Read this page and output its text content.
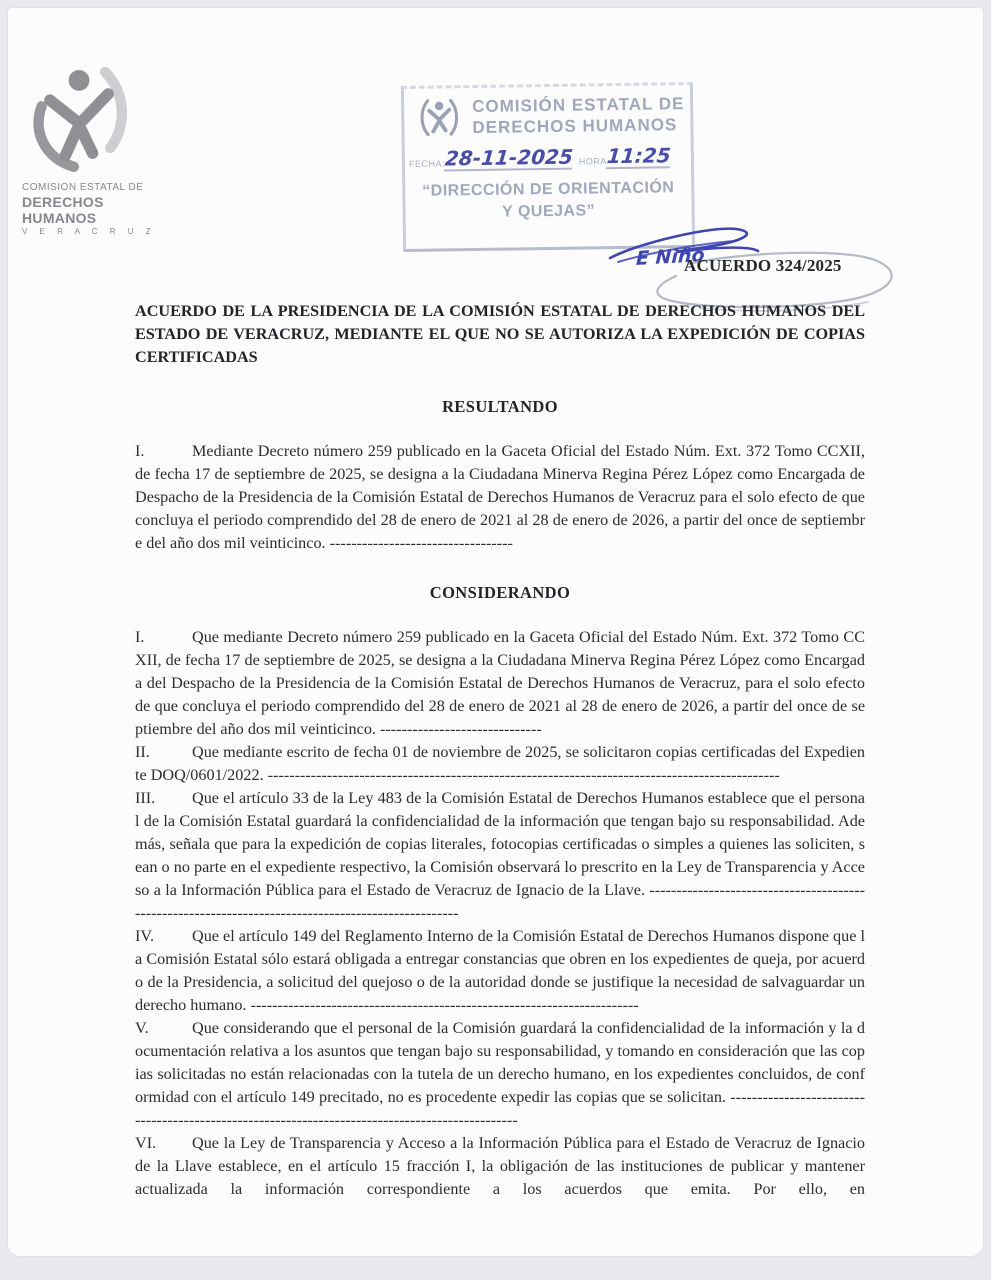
COMISION ESTATAL DE
DERECHOS HUMANOS
V E R A C R U Z
COMISIÓN ESTATAL DE
DERECHOS HUMANOS
FECHA:
28-11-2025 HORA
11:25
“DIRECCIÓN DE ORIENTACIÓN
Y QUEJAS”
E Niño
ACUERDO 324/2025

ACUERDO DE LA PRESIDENCIA DE LA COMISIÓN ESTATAL DE DERECHOS HUMANOS DEL ESTADO DE VERACRUZ, MEDIANTE EL QUE NO SE AUTORIZA LA EXPEDICIÓN DE COPIAS CERTIFICADAS

RESULTANDO

I.	Mediante Decreto número 259 publicado en la Gaceta Oficial del Estado Núm. Ext. 372 Tomo CCXII, de fecha 17 de septiembre de 2025, se designa a la Ciudadana Minerva Regina Pérez López como Encargada de Despacho de la Presidencia de la Comisión Estatal de Derechos Humanos de Veracruz para el solo efecto de que concluya el periodo comprendido del 28 de enero de 2021 al 28 de enero de 2026, a partir del once de septiembre del año dos mil veinticinco. ----------------------------------

CONSIDERANDO

I.	Que mediante Decreto número 259 publicado en la Gaceta Oficial del Estado Núm. Ext. 372 Tomo CCXII, de fecha 17 de septiembre de 2025, se designa a la Ciudadana Minerva Regina Pérez López como Encargada del Despacho de la Presidencia de la Comisión Estatal de Derechos Humanos de Veracruz, para el solo efecto de que concluya el periodo comprendido del 28 de enero de 2021 al 28 de enero de 2026, a partir del once de septiembre del año dos mil veinticinco. ------------------------------

II.	Que mediante escrito de fecha 01 de noviembre de 2025, se solicitaron copias certificadas del Expediente DOQ/0601/2022. -----------------------------------------------------------------------------------------------

III. Que el artículo 33 de la Ley 483 de la Comisión Estatal de Derechos Humanos establece que el personal de la Comisión Estatal guardará la confidencialidad de la información que tengan bajo su responsabilidad. Además, señala que para la expedición de copias literales, fotocopias certificadas o simples a quienes las soliciten, sean o no parte en el expediente respectivo, la Comisión observará lo prescrito en la Ley de Transparencia y Acceso a la Información Pública para el Estado de Veracruz de Ignacio de la Llave. ----------------------------------------------------------------------------------------------------

IV. Que el artículo 149 del Reglamento Interno de la Comisión Estatal de Derechos Humanos dispone que la Comisión Estatal sólo estará obligada a entregar constancias que obren en los expedientes de queja, por acuerdo de la Presidencia, a solicitud del quejoso o de la autoridad donde se justifique la necesidad de salvaguardar un derecho humano. ------------------------------------------------------------------------

V.	Que considerando que el personal de la Comisión guardará la confidencialidad de la información y la documentación relativa a los asuntos que tengan bajo su responsabilidad, y tomando en consideración que las copias solicitadas no están relacionadas con la tutela de un derecho humano, en los expedientes concluidos, de conformidad con el artículo 149 precitado, no es procedente expedir las copias que se solicitan. ------------------------------------------------------------------------------------------------

VI. Que la Ley de Transparencia y Acceso a la Información Pública para el Estado de Veracruz de Ignacio de la Llave establece, en el artículo 15 fracción I, la obligación de las instituciones de publicar y mantener actualizada la información correspondiente a los acuerdos que emita. Por ello, en
